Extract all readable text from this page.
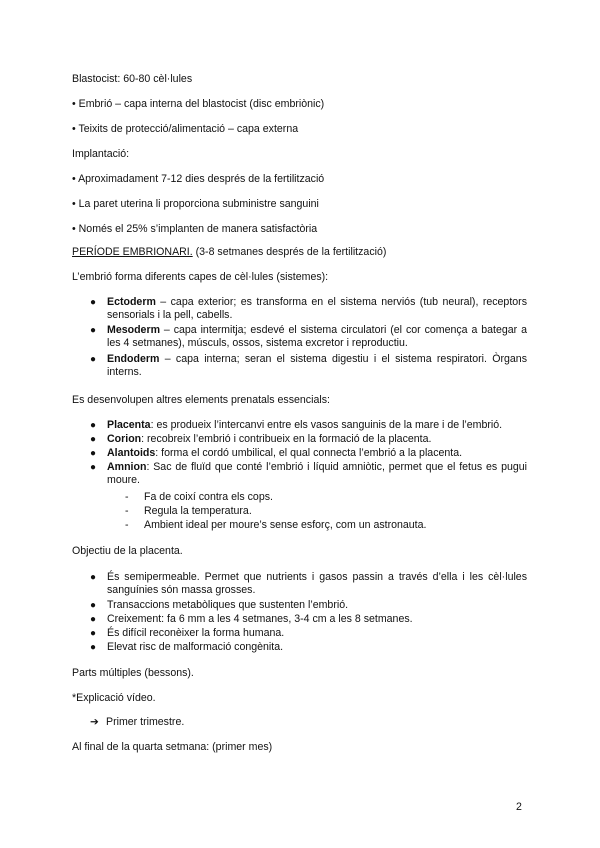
Blastocist: 60-80 cèl·lules
• Embrió – capa interna del blastocist (disc embriònic)
• Teixits de protecció/alimentació – capa externa
Implantació:
• Aproximadament 7-12 dies després de la fertilització
• La paret uterina li proporciona subministre sanguini
• Només el 25% s’implanten de manera satisfactòria
PERÍODE EMBRIONARI. (3-8 setmanes després de la fertilització)
L’embrió forma diferents capes de cèl·lules (sistemes):
● Ectoderm – capa exterior; es transforma en el sistema nerviós (tub neural), receptors sensorials i la pell, cabells.
● Mesoderm – capa intermitja; esdevé el sistema circulatori (el cor comença a bategar a les 4 setmanes), músculs, ossos, sistema excretor i reproductiu.
● Endoderm – capa interna; seran el sistema digestiu i el sistema respiratori. Òrgans interns.
Es desenvolupen altres elements prenatals essencials:
● Placenta: es produeix l’intercanvi entre els vasos sanguinis de la mare i de l’embrió.
● Corion: recobreix l’embrió i contribueix en la formació de la placenta.
● Alantoids: forma el cordó umbilical, el qual connecta l’embrió a la placenta.
● Amnion: Sac de fluïd que conté l’embrió i líquid amniòtic, permet que el fetus es pugui moure.
- Fa de coixí contra els cops.
- Regula la temperatura.
- Ambient ideal per moure’s sense esforç, com un astronauta.
Objectiu de la placenta.
● És semipermeable. Permet que nutrients i gasos passin a través d’ella i les cèl·lules sanguínies són massa grosses.
● Transaccions metabòliques que sustenten l’embrió.
● Creixement: fa 6 mm a les 4 setmanes, 3-4 cm a les 8 setmanes.
● És difícil reconèixer la forma humana.
● Elevat risc de malformació congènita.
Parts múltiples (bessons).
*Explicació vídeo.
➔ Primer trimestre.
Al final de la quarta setmana: (primer mes)
2
